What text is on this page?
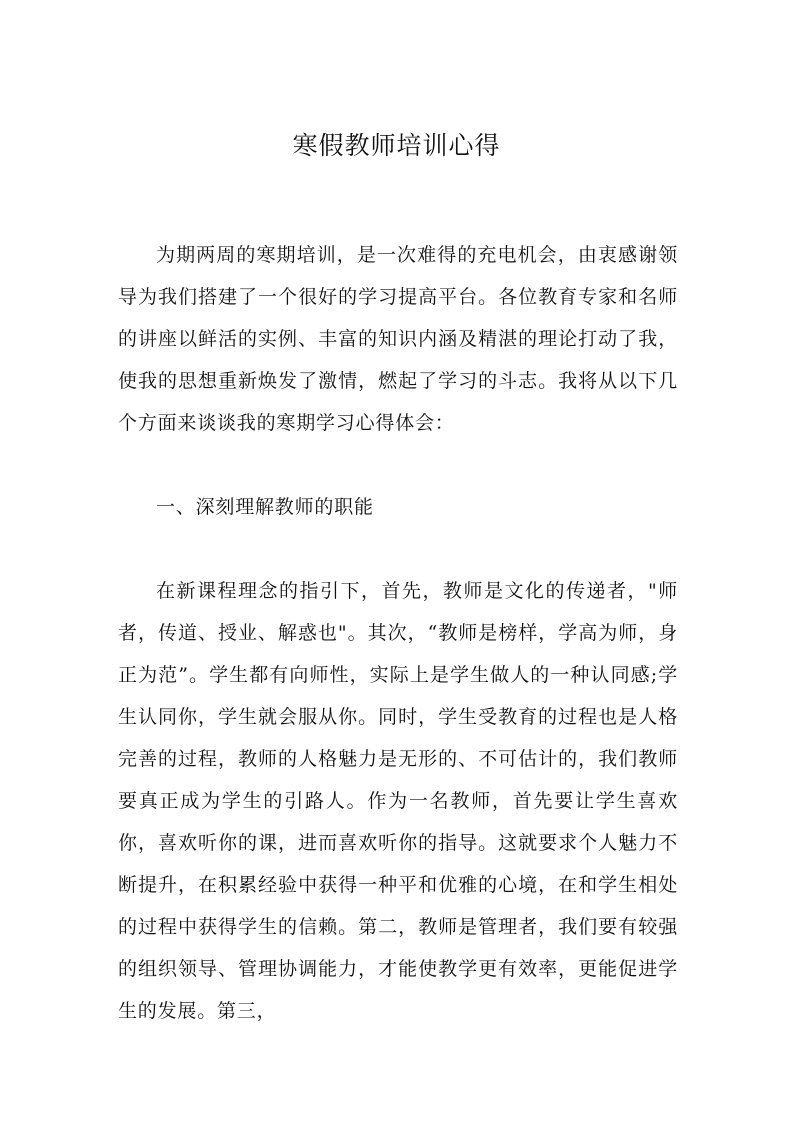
寒假教师培训心得

为期两周的寒期培训，是一次难得的充电机会，由衷感谢领导为我们搭建了一个很好的学习提高平台。各位教育专家和名师的讲座以鲜活的实例、丰富的知识内涵及精湛的理论打动了我，使我的思想重新焕发了激情，燃起了学习的斗志。我将从以下几个方面来谈谈我的寒期学习心得体会：

一、深刻理解教师的职能

在新课程理念的指引下，首先，教师是文化的传递者，"师者，传道、授业、解惑也"。其次，“教师是榜样，学高为师，身正为范”。学生都有向师性，实际上是学生做人的一种认同感;学生认同你，学生就会服从你。同时，学生受教育的过程也是人格完善的过程，教师的人格魅力是无形的、不可估计的，我们教师要真正成为学生的引路人。作为一名教师，首先要让学生喜欢你，喜欢听你的课，进而喜欢听你的指导。这就要求个人魅力不断提升，在积累经验中获得一种平和优雅的心境，在和学生相处的过程中获得学生的信赖。第二，教师是管理者，我们要有较强的组织领导、管理协调能力，才能使教学更有效率，更能促进学生的发展。第三，
